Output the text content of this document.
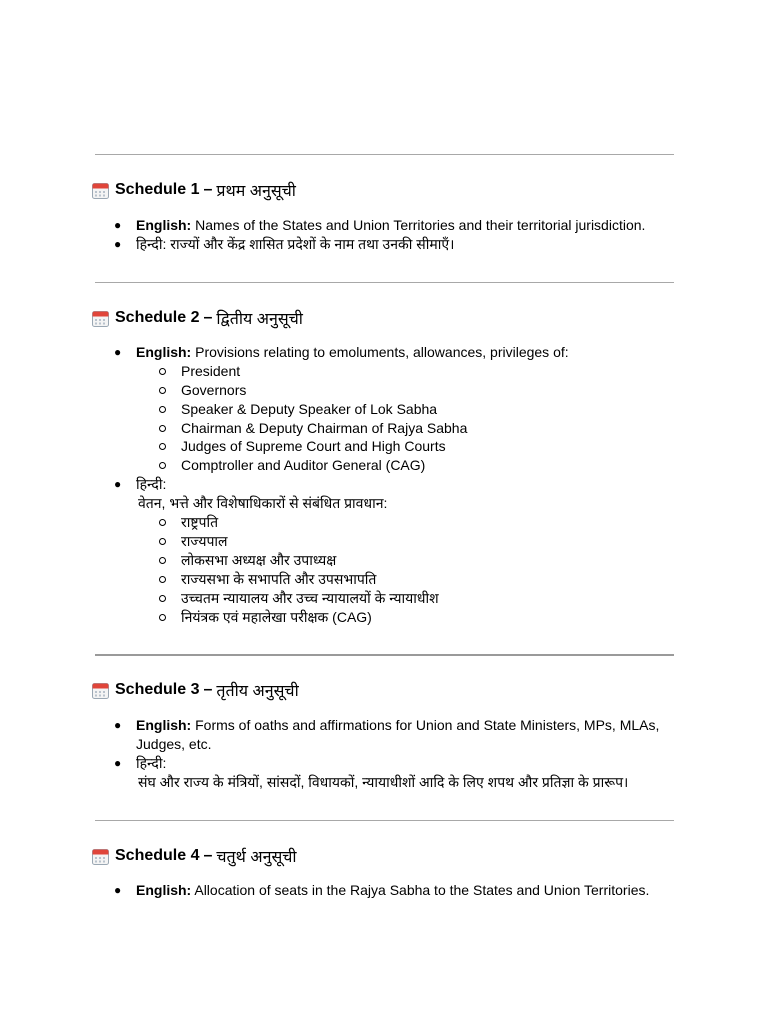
Schedule 1 – प्रथम अनुसूची
● English: Names of the States and Union Territories and their territorial jurisdiction.
● हिन्दी: राज्यों और केंद्र शासित प्रदेशों के नाम तथा उनकी सीमाएँ।
Schedule 2 – द्वितीय अनुसूची
● English: Provisions relating to emoluments, allowances, privileges of:
President
Governors
Speaker & Deputy Speaker of Lok Sabha
Chairman & Deputy Chairman of Rajya Sabha
Judges of Supreme Court and High Courts
Comptroller and Auditor General (CAG)
● हिन्दी:
वेतन, भत्ते और विशेषाधिकारों से संबंधित प्रावधान:
राष्ट्रपति
राज्यपाल
लोकसभा अध्यक्ष और उपाध्यक्ष
राज्यसभा के सभापति और उपसभापति
उच्चतम न्यायालय और उच्च न्यायालयों के न्यायाधीश
नियंत्रक एवं महालेखा परीक्षक (CAG)
Schedule 3 – तृतीय अनुसूची
● English: Forms of oaths and affirmations for Union and State Ministers, MPs, MLAs,
Judges, etc.
● हिन्दी:
संघ और राज्य के मंत्रियों, सांसदों, विधायकों, न्यायाधीशों आदि के लिए शपथ और प्रतिज्ञा के प्रारूप।
Schedule 4 – चतुर्थ अनुसूची
● English: Allocation of seats in the Rajya Sabha to the States and Union Territories.
